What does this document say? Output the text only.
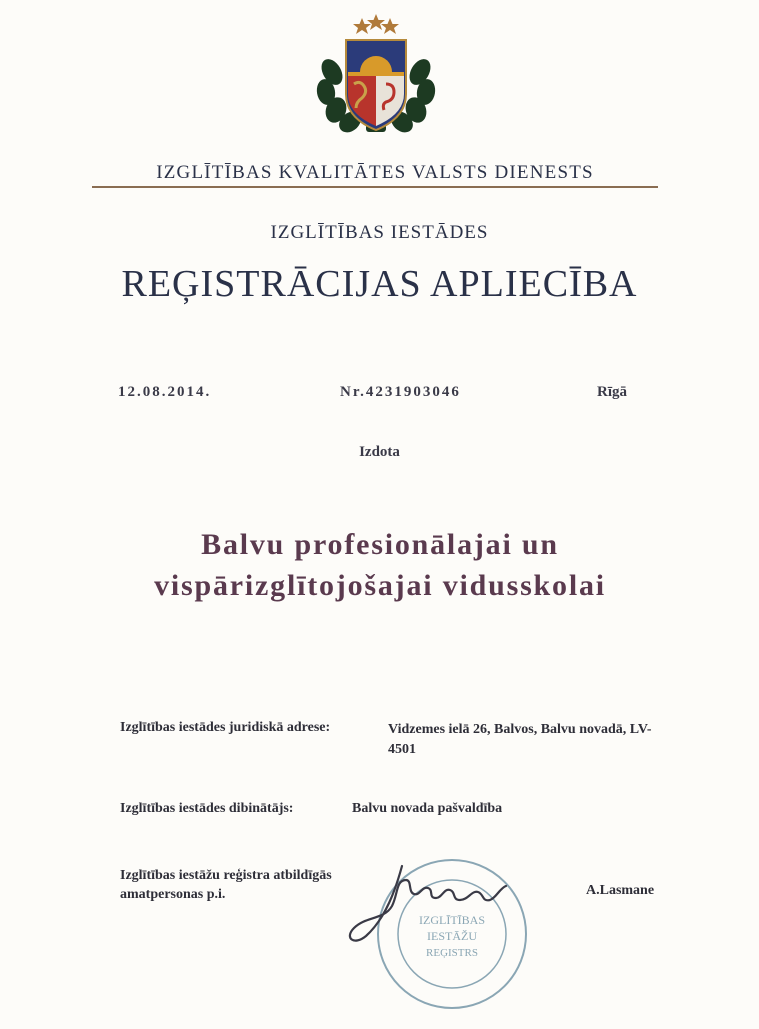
IZGLĪTĪBAS KVALITĀTES VALSTS DIENESTS
IZGLĪTĪBAS IESTĀDES
REĢISTRĀCIJAS APLIECĪBA
12.08.2014.	Nr.4231903046	Rīgā
Izdota
Balvu profesionālajai un vispārizglītojošajai vidusskolai
Izglītības iestādes juridiskā adrese:	Vidzemes ielā 26, Balvos, Balvu novadā, LV-4501
Izglītības iestādes dibinātājs:	Balvu novada pašvaldība
Izglītības iestāžu reģistra atbildīgās amatpersonas p.i.	A.Lasmane
IZGLĪTĪBAS
IESTĀŽU
REĢISTRS
